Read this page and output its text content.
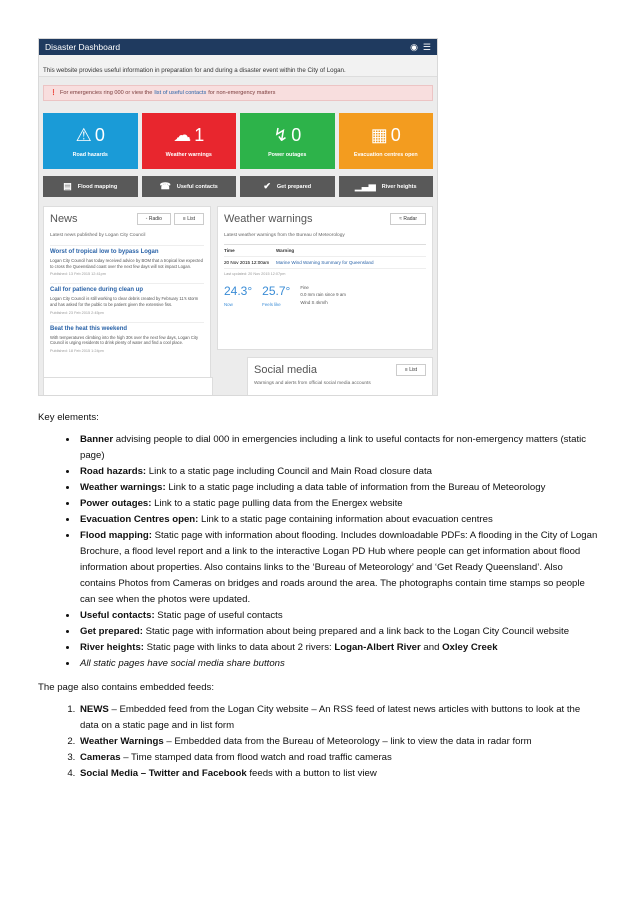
Disaster Dashboard	◉ ☰
This website provides useful information in preparation for and during a disaster event within the City of Logan.
❗ For emergencies ring 000 or view the list of useful contacts for non-emergency matters
⚠ 0
Road hazards
☁ 1
Weather warnings
↯ 0
Power outages
▦ 0
Evacuation centres open
▤ Flood mapping	☎ Useful contacts	✔ Get prepared	▁▃▅ River heights
News	◦ Radio	≡ List
Latest news published by Logan City Council
Worst of tropical low to bypass Logan
Logan City Council has today received advice by BOM that a tropical low expected to cross the Queensland coast over the next few days will not impact Logan.
Published: 13 Feb 2015 12:41pm
Call for patience during clean up
Logan City Council is still working to clear debris created by February 11's storm and has asked for the public to be patient given the extensive fiss.
Published: 23 Feb 2015 2:45pm
Beat the heat this weekend
With temperatures climbing into the high 30s over the next few days, Logan City Council is urging residents to drink plenty of water and find a cool place.
Published: 18 Feb 2015 1:24pm
Weather warnings	≈ Radar
Latest weather warnings from the Bureau of Meteorology
Time	Warning
20 Nov 2015 12:00am	Marine Wind Warning Summary for Queensland
Last updated: 20 Nov 2015 12:07pm
24.3°
Now
25.7°
Feels like
Fine
0.0 mm rain since 9 am
Wind S 4km/h
Social media	≡ List
Warnings and alerts from official social media accounts

Key elements:

• Banner advising people to dial 000 in emergencies including a link to useful contacts for non-emergency matters (static page)
• Road hazards: Link to a static page including Council and Main Road closure data
• Weather warnings: Link to a static page including a data table of information from the Bureau of Meteorology
• Power outages: Link to a static page pulling data from the Energex website
• Evacuation Centres open: Link to a static page containing information about evacuation centres
• Flood mapping: Static page with information about flooding. Includes downloadable PDFs: A flooding in the City of Logan Brochure, a flood level report and a link to the interactive Logan PD Hub where people can get information about flood information about properties. Also contains links to the ‘Bureau of Meteorology’ and ‘Get Ready Queensland’. Also contains Photos from Cameras on bridges and roads around the area. The photographs contain time stamps so people can see when the photos were updated.
• Useful contacts: Static page of useful contacts
• Get prepared: Static page with information about being prepared and a link back to the Logan City Council website
• River heights: Static page with links to data about 2 rivers: Logan-Albert River and Oxley Creek
• All static pages have social media share buttons

The page also contains embedded feeds:

1. NEWS – Embedded feed from the Logan City website – An RSS feed of latest news articles with buttons to look at the data on a static page and in list form
2. Weather Warnings – Embedded data from the Bureau of Meteorology – link to view the data in radar form
3. Cameras – Time stamped data from flood watch and road traffic cameras
4. Social Media – Twitter and Facebook feeds with a button to list view
